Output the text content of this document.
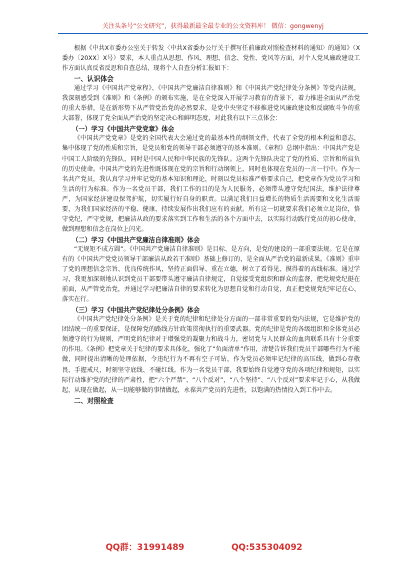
关注头条号“公文研究”，获得最新最全最专业的公文资料库！ 微信：gongwenyj

根据《中共X市委办公室关于转发〈中共X省委办公厅关于撰写任前廉政对照检查材料的通知〉的通知》（X委办〔20XX〕X号）要求，本人重点从思想、作风、理想、信念、党性、党风等方面，对个人党风廉政建设工作方面认真反省反思和自查总结，现将个人自查分析汇报如下：

一、认识体会

通过学习《中国共产党章程》、《中国共产党廉洁自律准则》和《中国共产党纪律处分条例》等党内法规，我深刻感受到《准则》和《条例》的颁布实施，是在全党深入开展学习教育的背景下，着力推进全面从严治党的重大举措，是在新形势下从严管党治党的必然要求，是党中央坚定不移推进党风廉政建设和反腐败斗争的重大部署，体现了党全面从严治党的坚定决心和鲜明态度，对此我有以下三点体会：

（一）学习《中国共产党党章》体会

《中国共产党党章》是党的全国代表大会通过党的最基本性的纲领文件，代表了全党的根本利益和意志，集中体现了党的性质和宗旨，是党员和党的领导干部必须遵守的基本准则。《章程》总纲中指出：中国共产党是中国工人阶级的先锋队，同时是中国人民和中华民族的先锋队。这两个先锋队决定了党的性质、宗旨和所肩负的历史使命。中国共产党的先进性既体现在党的宗旨和行动纲领上，同时也体现在党员的一言一行中。作为一名共产党员，我认真学习并牢记党的基本知识和理论，时刻以党员标准严格要求自己，把党章作为党员学习和生活的行为标准。作为一名党员干部，我们工作的目的是为人民服务，必须带头遵守党纪国法，维护法律尊严，为国家经济建设保驾护航，切实履行好自身的职责。以满足我们日益增长的物质生活需要和文化生活需要，为我们国家经济的平稳、健康、持续发展作出我们应有的贡献。所有这一切就要求我们必须立足岗位，恪守党纪，严守党规，把廉洁从政的要求落实到工作和生活的各个方面中去，以实际行动践行党员的初心使命，做到理想和信念在岗位上闪光。

（二）学习《中国共产党廉洁自律准则》体会

“无规矩不成方圆”。《中国共产党廉洁自律准则》是目标、是方向，是党的建设的一部重要法规。它是在原有的《中国共产党党员领导干部廉洁从政若干准则》基础上修订的，是全面从严治党的最新成果。《准则》重申了党的理想信念宗旨、优良传统作风，坚持正面倡导、重在立德，树立了看得见、摸得着的高线标准。通过学习，我更加深刻地认识到党员干部要带头遵守廉洁自律规定，自觉接受党组织和群众的监督，把党规党纪挺在前面，从严管党治党，并通过学习把廉洁自律的要求转化为思想自觉和行动自觉，真正把党规党纪牢记在心、落实在行。

（三）学习《中国共产党纪律处分条例》体会

《中国共产党纪律处分条例》是关于党的纪律和纪律处分方面的一部非常重要的党内法规，它是维护党的团结统一的重要保证，是保障党的路线方针政策贯彻执行的重要武器。党的纪律是党的各级组织和全体党员必须遵守的行为规则，严明党的纪律对于增强党的凝聚力和战斗力，密切党与人民群众的血肉联系具有十分重要的作用。《条例》把党章关于纪律的要求具体化，强化了“负面清单”作用，清楚告诉我们党员干部哪些行为不能做，同时提出清晰的处理依据，令违纪行为不再有空子可钻，作为党员必须牢记纪律的高压线，做到心存敬畏、手握戒尺，时刻坚守底线、不碰红线。作为一名党员干部，我要始终自觉遵守党的各项纪律和规矩，以实际行动维护党的纪律的严肃性，把“六个严禁”、“八个反对”，“八个坚持”、“八个反对”要求牢记于心，从我做起，从现在做起，从一切能够做的事情做起，永葆共产党员的先进性，以饱满的热情投入到工作中去。

二、对照检查
QQ群：31991489	QQ:535304092
